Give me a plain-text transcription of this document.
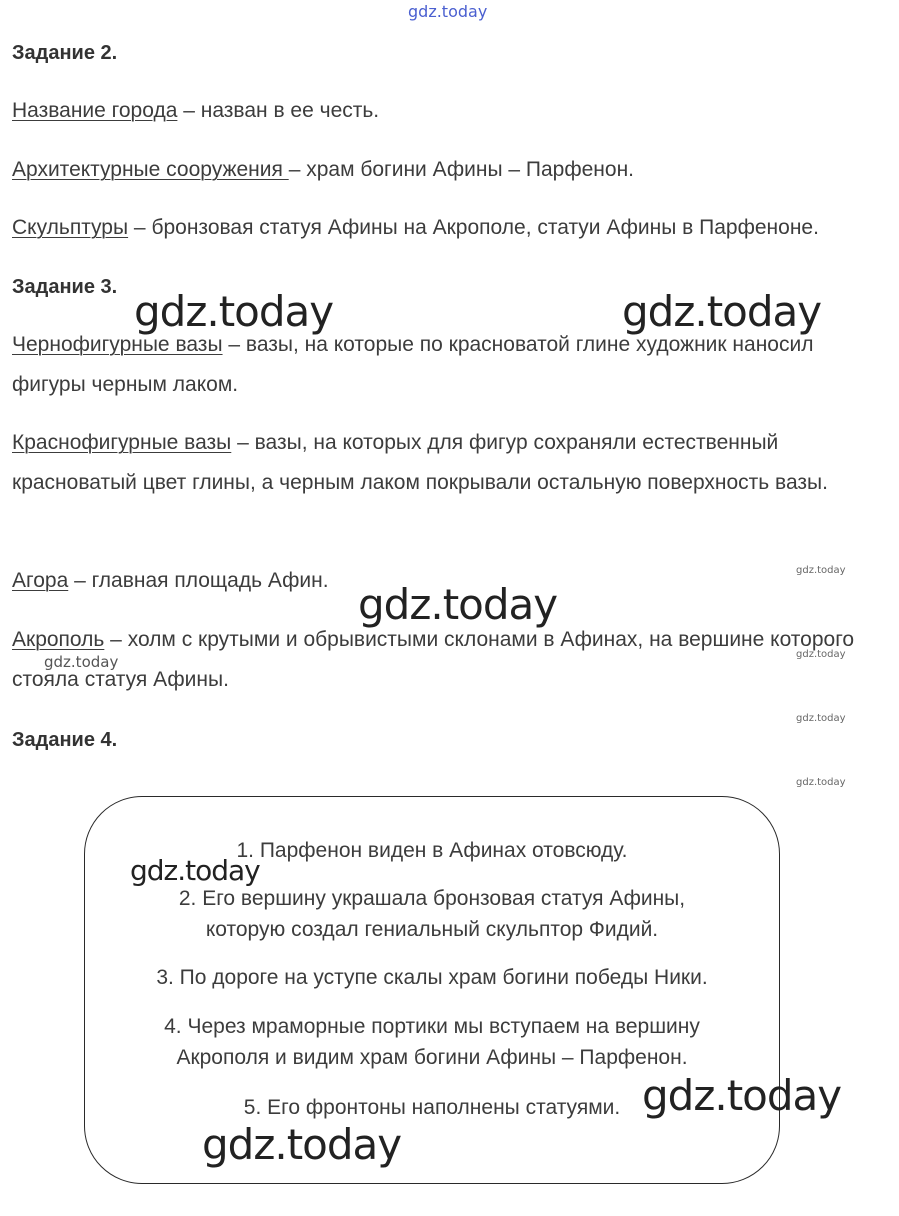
gdz.today
Задание 2.
Название города – назван в ее честь.
Архитектурные сооружения – храм богини Афины – Парфенон.
Скульптуры – бронзовая статуя Афины на Акрополе, статуи Афины в Парфеноне.
Задание 3.
Чернофигурные вазы – вазы, на которые по красноватой глине художник наносил фигуры черным лаком.
Краснофигурные вазы – вазы, на которых для фигур сохраняли естественный красноватый цвет глины, а черным лаком покрывали остальную поверхность вазы.
Агора – главная площадь Афин.
Акрополь – холм с крутыми и обрывистыми склонами в Афинах, на вершине которого стояла статуя Афины.
Задание 4.
1. Парфенон виден в Афинах отовсюду.
2. Его вершину украшала бронзовая статуя Афины,
которую создал гениальный скульптор Фидий.
3. По дороге на уступе скалы храм богини победы Ники.
4. Через мраморные портики мы вступаем на вершину
Акрополя и видим храм богини Афины – Парфенон.
5. Его фронтоны наполнены статуями.
gdz.today	gdz.today
gdz.today
gdz.today
gdz.today
gdz.today
gdz.today
gdz.today
gdz.today
gdz.today
gdz.today
